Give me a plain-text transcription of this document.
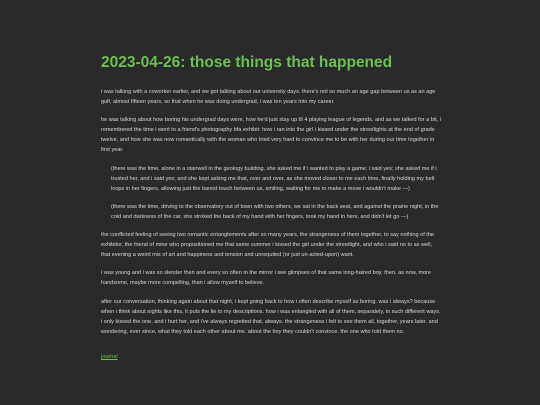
2023-04-26: those things that happened

i was talking with a coworker earlier, and we got talking about our university days. there's not so much an age gap between us as an age gulf, almost fifteen years, so that when he was doing undergrad, i was ten years into my career.

he was talking about how boring his undergrad days were, how he'd just stay up til 4 playing league of legends, and as we talked for a bit, i remembered the time i went to a friend's photography bfa exhibit: how i ran into the girl i kissed under the streetlights at the end of grade twelve, and how she was now romantically with the woman who tried very hard to convince me to be with her during our time together in first year.

(there was the time, alone in a stairwell in the geology building, she asked me if i wanted to play a game; i said yes; she asked me if i trusted her, and i said yes; and she kept asking me that, over and over, as she moved closer to me each time, finally holding my belt loops in her fingers, allowing just the barest touch between us, smiling, waiting for me to make a move i wouldn't make —)

(there was the time, driving to the observatory out of town with two others, we sat in the back seat, and against the prairie night, in the cold and darkness of the car, she stroked the back of my hand with her fingers, took my hand in hers, and didn't let go —)

the conflicted feeling of seeing two romantic entanglements after so many years, the strangeness of them together, to say nothing of the exhibitor, the friend of mine who propositioned me that same summer i kissed the girl under the streetlight, and who i said no to as well, that evening a weird mix of art and happiness and tension and unrequited (or just un-acted-upon) want.

i was young and i was so slender then and every so often in the mirror i see glimpses of that same long-haired boy, then, as now, more handsome, maybe more compelling, than i allow myself to believe.

after our conversation, thinking again about that night, i kept going back to how i often describe myself as boring. was i always? because when i think about nights like this, it puts the lie to my descriptions. how i was entangled with all of them, separately, in such different ways. i only kissed the one, and i hurt her, and i've always regretted that, always. the strangeness i felt to see them all, together, years later. and wondering, ever since, what they told each other about me. about the boy they couldn't convince. the one who told them no.

journal
